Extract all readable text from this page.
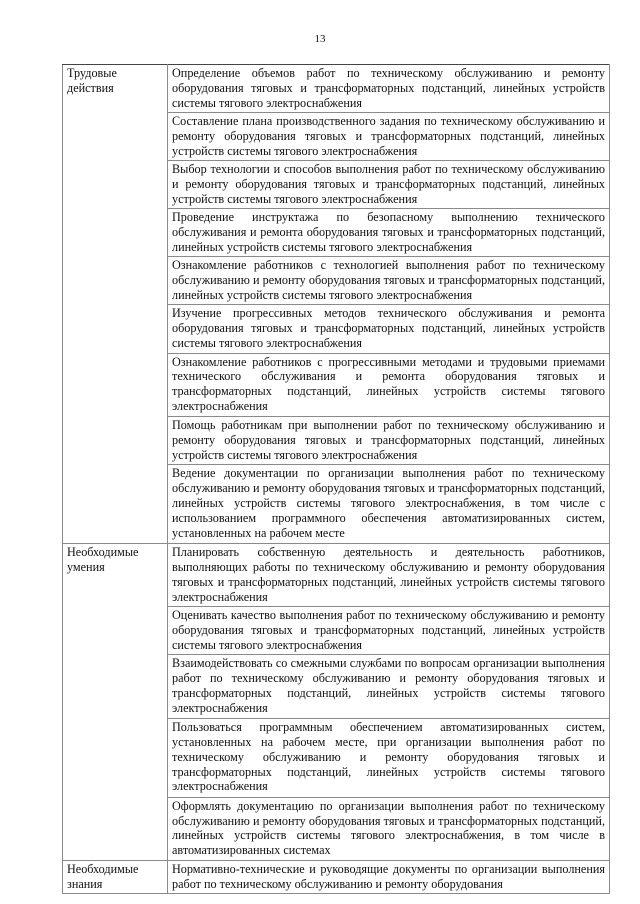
13
Трудовые действия	Определение объемов работ по техническому обслуживанию и ремонту оборудования тяговых и трансформаторных подстанций, линейных устройств системы тягового электроснабжения
	Составление плана производственного задания по техническому обслуживанию и ремонту оборудования тяговых и трансформаторных подстанций, линейных устройств системы тягового электроснабжения
	Выбор технологии и способов выполнения работ по техническому обслуживанию и ремонту оборудования тяговых и трансформаторных подстанций, линейных устройств системы тягового электроснабжения
	Проведение инструктажа по безопасному выполнению технического обслуживания и ремонта оборудования тяговых и трансформаторных подстанций, линейных устройств системы тягового электроснабжения
	Ознакомление работников с технологией выполнения работ по техническому обслуживанию и ремонту оборудования тяговых и трансформаторных подстанций, линейных устройств системы тягового электроснабжения
	Изучение прогрессивных методов технического обслуживания и ремонта оборудования тяговых и трансформаторных подстанций, линейных устройств системы тягового электроснабжения
	Ознакомление работников с прогрессивными методами и трудовыми приемами технического обслуживания и ремонта оборудования тяговых и трансформаторных подстанций, линейных устройств системы тягового электроснабжения
	Помощь работникам при выполнении работ по техническому обслуживанию и ремонту оборудования тяговых и трансформаторных подстанций, линейных устройств системы тягового электроснабжения
	Ведение документации по организации выполнения работ по техническому обслуживанию и ремонту оборудования тяговых и трансформаторных подстанций, линейных устройств системы тягового электроснабжения, в том числе с использованием программного обеспечения автоматизированных систем, установленных на рабочем месте

Необходимые умения	Планировать собственную деятельность и деятельность работников, выполняющих работы по техническому обслуживанию и ремонту оборудования тяговых и трансформаторных подстанций, линейных устройств системы тягового электроснабжения
	Оценивать качество выполнения работ по техническому обслуживанию и ремонту оборудования тяговых и трансформаторных подстанций, линейных устройств системы тягового электроснабжения
	Взаимодействовать со смежными службами по вопросам организации выполнения работ по техническому обслуживанию и ремонту оборудования тяговых и трансформаторных подстанций, линейных устройств системы тягового электроснабжения
	Пользоваться программным обеспечением автоматизированных систем, установленных на рабочем месте, при организации выполнения работ по техническому обслуживанию и ремонту оборудования тяговых и трансформаторных подстанций, линейных устройств системы тягового электроснабжения
	Оформлять документацию по организации выполнения работ по техническому обслуживанию и ремонту оборудования тяговых и трансформаторных подстанций, линейных устройств системы тягового электроснабжения, в том числе в автоматизированных системах

Необходимые знания	Нормативно-технические и руководящие документы по организации выполнения работ по техническому обслуживанию и ремонту оборудования
